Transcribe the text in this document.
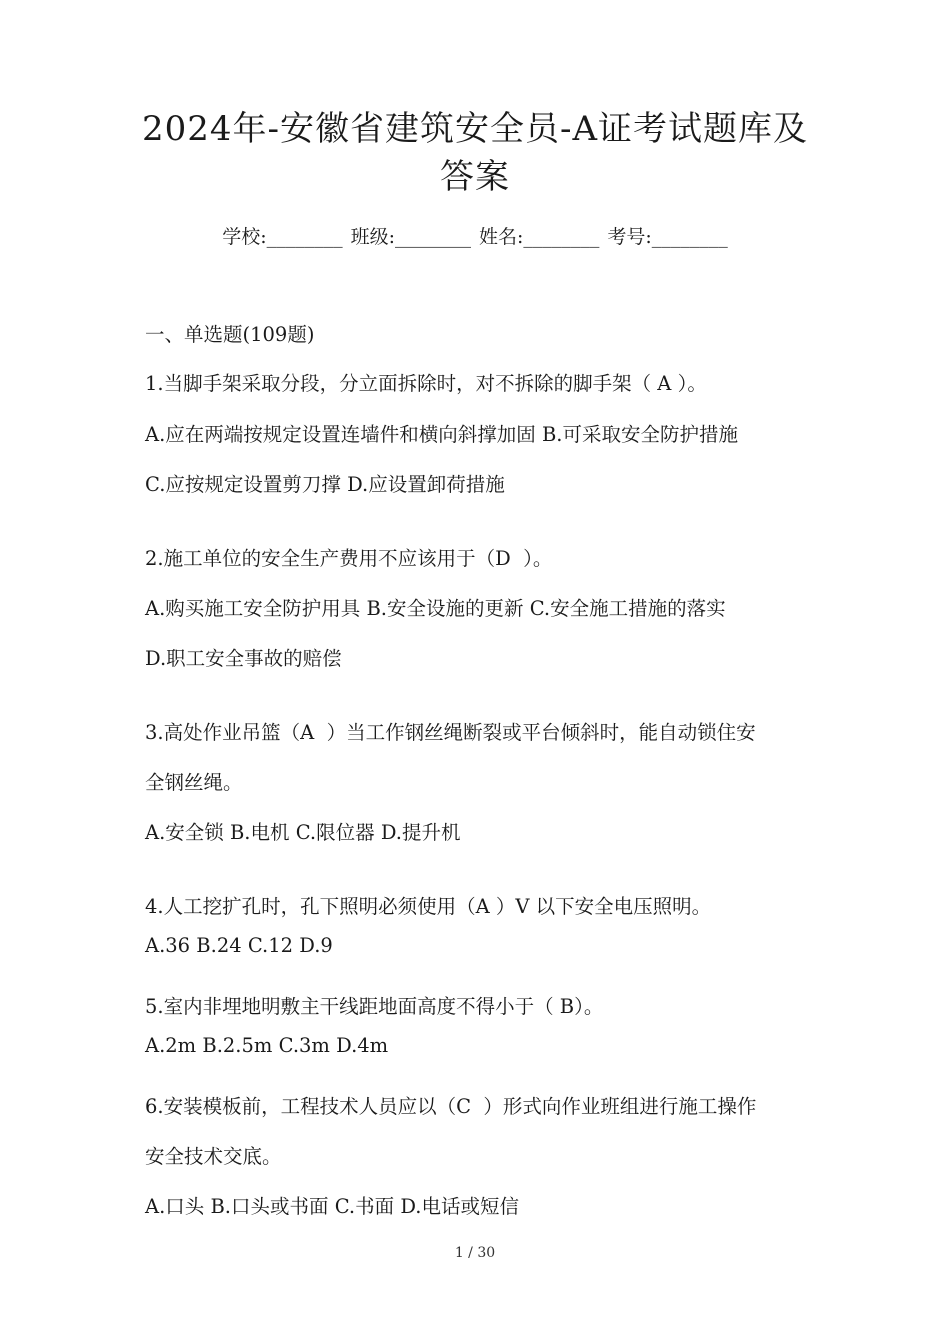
2024年-安徽省建筑安全员-A证考试题库及
答案
学校:________ 班级:________ 姓名:________ 考号:________

一、单选题(109题)

1.当脚手架采取分段，分立面拆除时，对不拆除的脚手架（ A ）。

A.应在两端按规定设置连墙件和横向斜撑加固 B.可采取安全防护措施

C.应按规定设置剪刀撑 D.应设置卸荷措施

2.施工单位的安全生产费用不应该用于（D  ）。

A.购买施工安全防护用具 B.安全设施的更新 C.安全施工措施的落实

D.职工安全事故的赔偿

3.高处作业吊篮（A  ）当工作钢丝绳断裂或平台倾斜时，能自动锁住安

全钢丝绳。

A.安全锁 B.电机 C.限位器 D.提升机

4.人工挖扩孔时，孔下照明必须使用（A ）V 以下安全电压照明。

A.36 B.24 C.12 D.9

5.室内非埋地明敷主干线距地面高度不得小于（ B）。

A.2m B.2.5m C.3m D.4m

6.安装模板前，工程技术人员应以（C  ）形式向作业班组进行施工操作

安全技术交底。

A.口头 B.口头或书面 C.书面 D.电话或短信

1 / 30
